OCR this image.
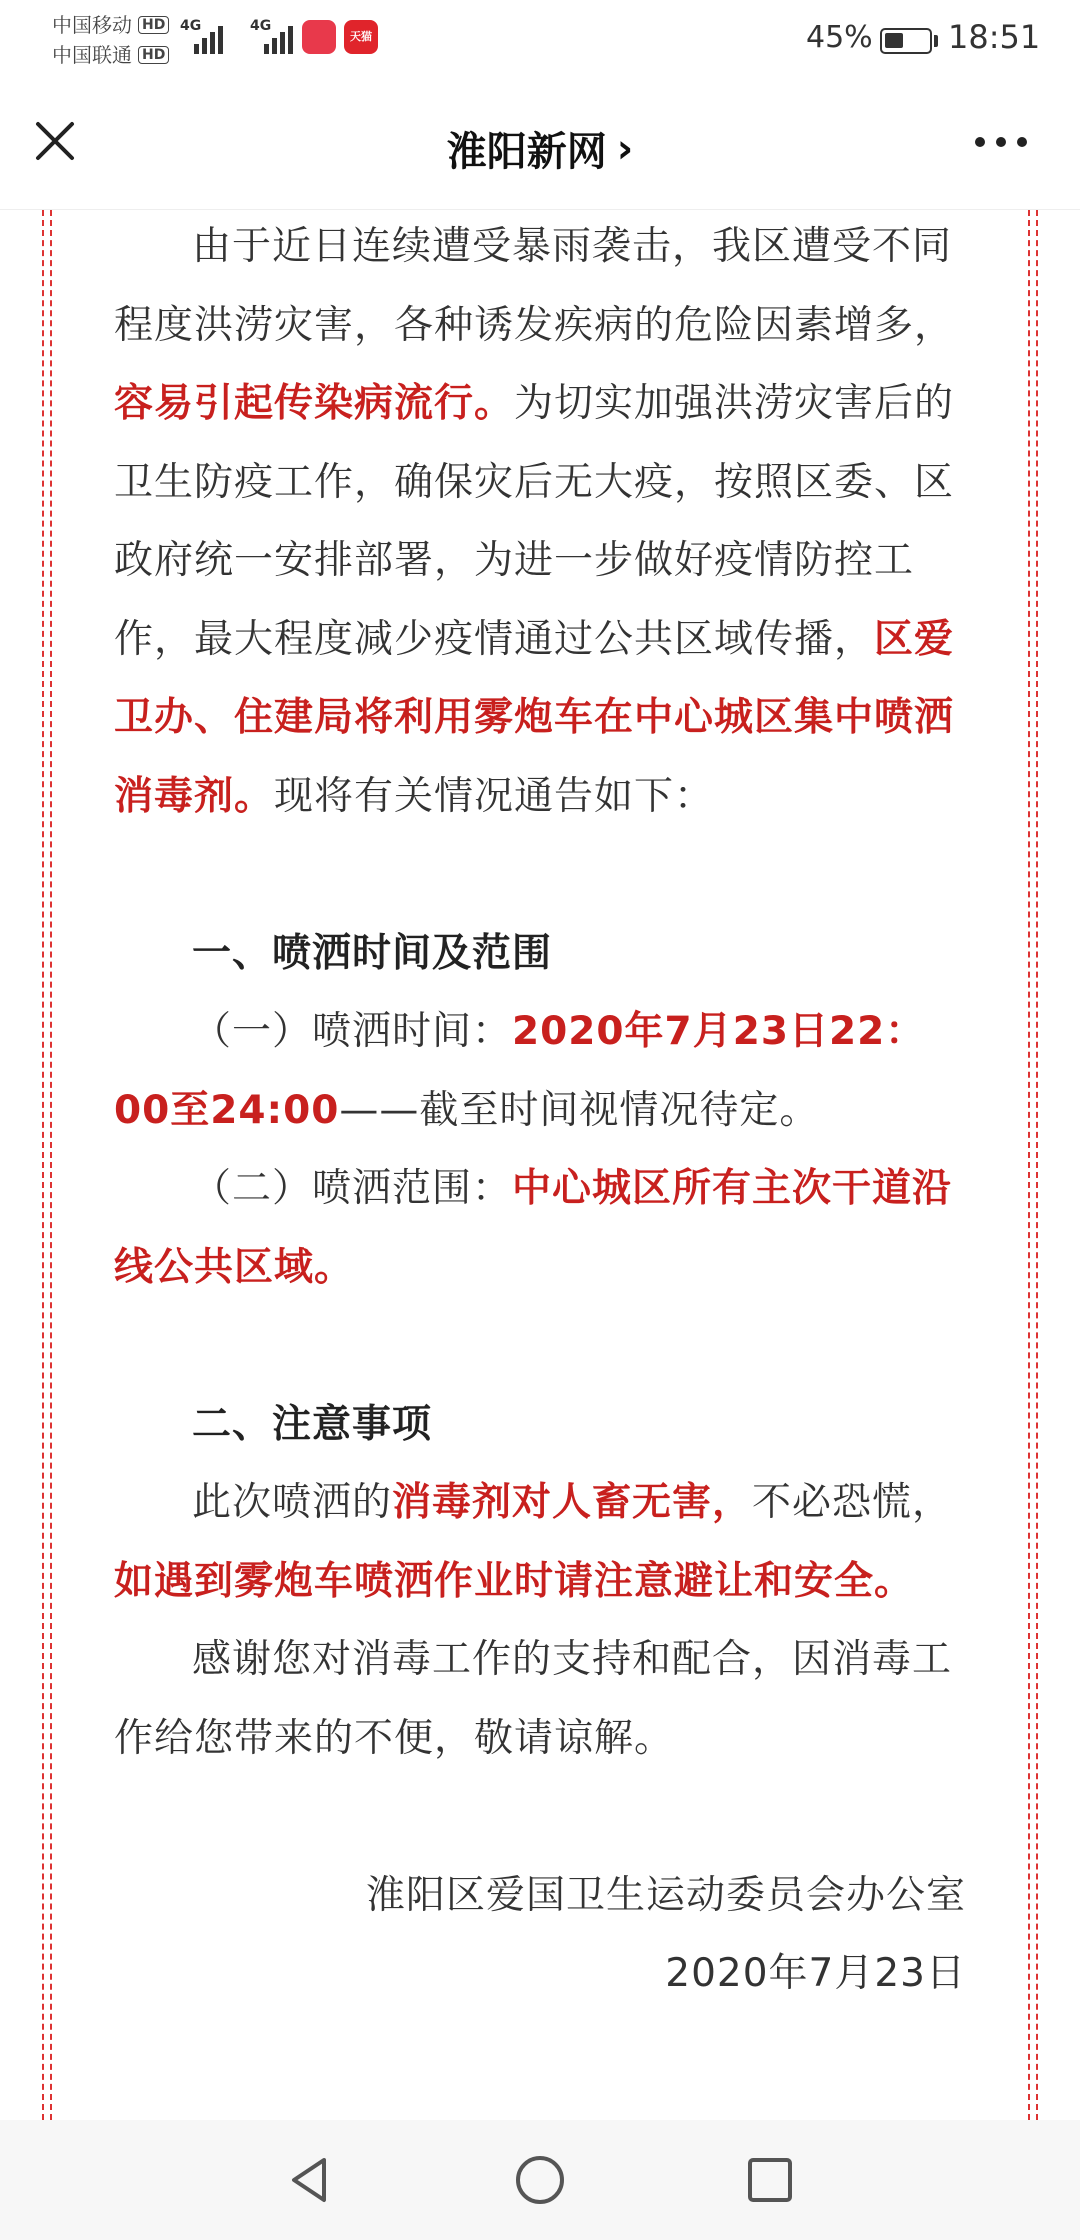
中国移动 HD
中国联通 HD
4G	4G
天猫	45% 18:51
淮阳新网 ›
由于近日连续遭受暴雨袭击，我区遭受不同程度洪涝灾害，各种诱发疾病的危险因素增多，容易引起传染病流行。为切实加强洪涝灾害后的卫生防疫工作，确保灾后无大疫，按照区委、区政府统一安排部署，为进一步做好疫情防控工作，最大程度减少疫情通过公共区域传播，区爱卫办、住建局将利用雾炮车在中心城区集中喷洒消毒剂。现将有关情况通告如下：
一、喷洒时间及范围
（一）喷洒时间：2020年7月23日22：00至24:00——截至时间视情况待定。
（二）喷洒范围：中心城区所有主次干道沿线公共区域。
二、注意事项
此次喷洒的消毒剂对人畜无害，不必恐慌，如遇到雾炮车喷洒作业时请注意避让和安全。
感谢您对消毒工作的支持和配合，因消毒工作给您带来的不便，敬请谅解。
淮阳区爱国卫生运动委员会办公室
2020年7月23日
